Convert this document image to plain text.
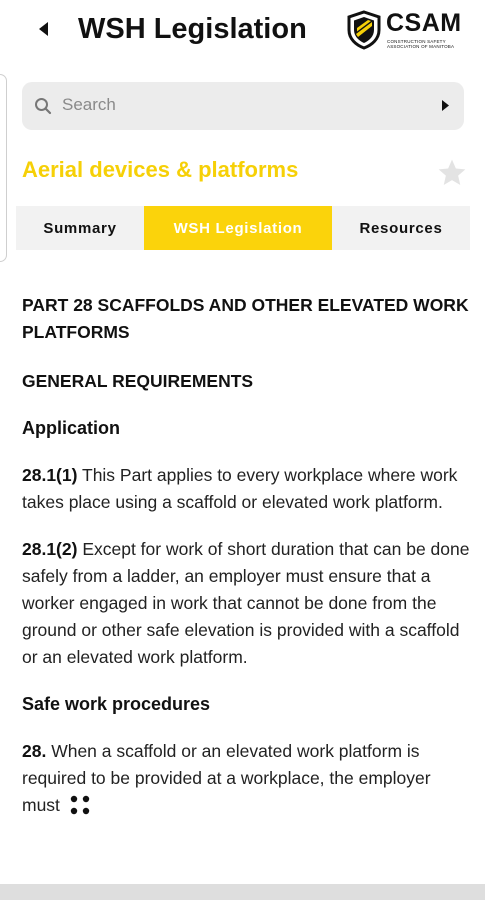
WSH Legislation	CSAM
CONSTRUCTION SAFETY ASSOCIATION OF MANITOBA
Search
Aerial devices & platforms
Summary	WSH Legislation	Resources
PART 28 SCAFFOLDS AND OTHER ELEVATED WORK PLATFORMS
GENERAL REQUIREMENTS
Application
28.1(1) This Part applies to every workplace where work takes place using a scaffold or elevated work platform.
28.1(2) Except for work of short duration that can be done safely from a ladder, an employer must ensure that a worker engaged in work that cannot be done from the ground or other safe elevation is provided with a scaffold or an elevated work platform.
Safe work procedures
28. When a scaffold or an elevated work platform is required to be provided at a workplace, the employer must
